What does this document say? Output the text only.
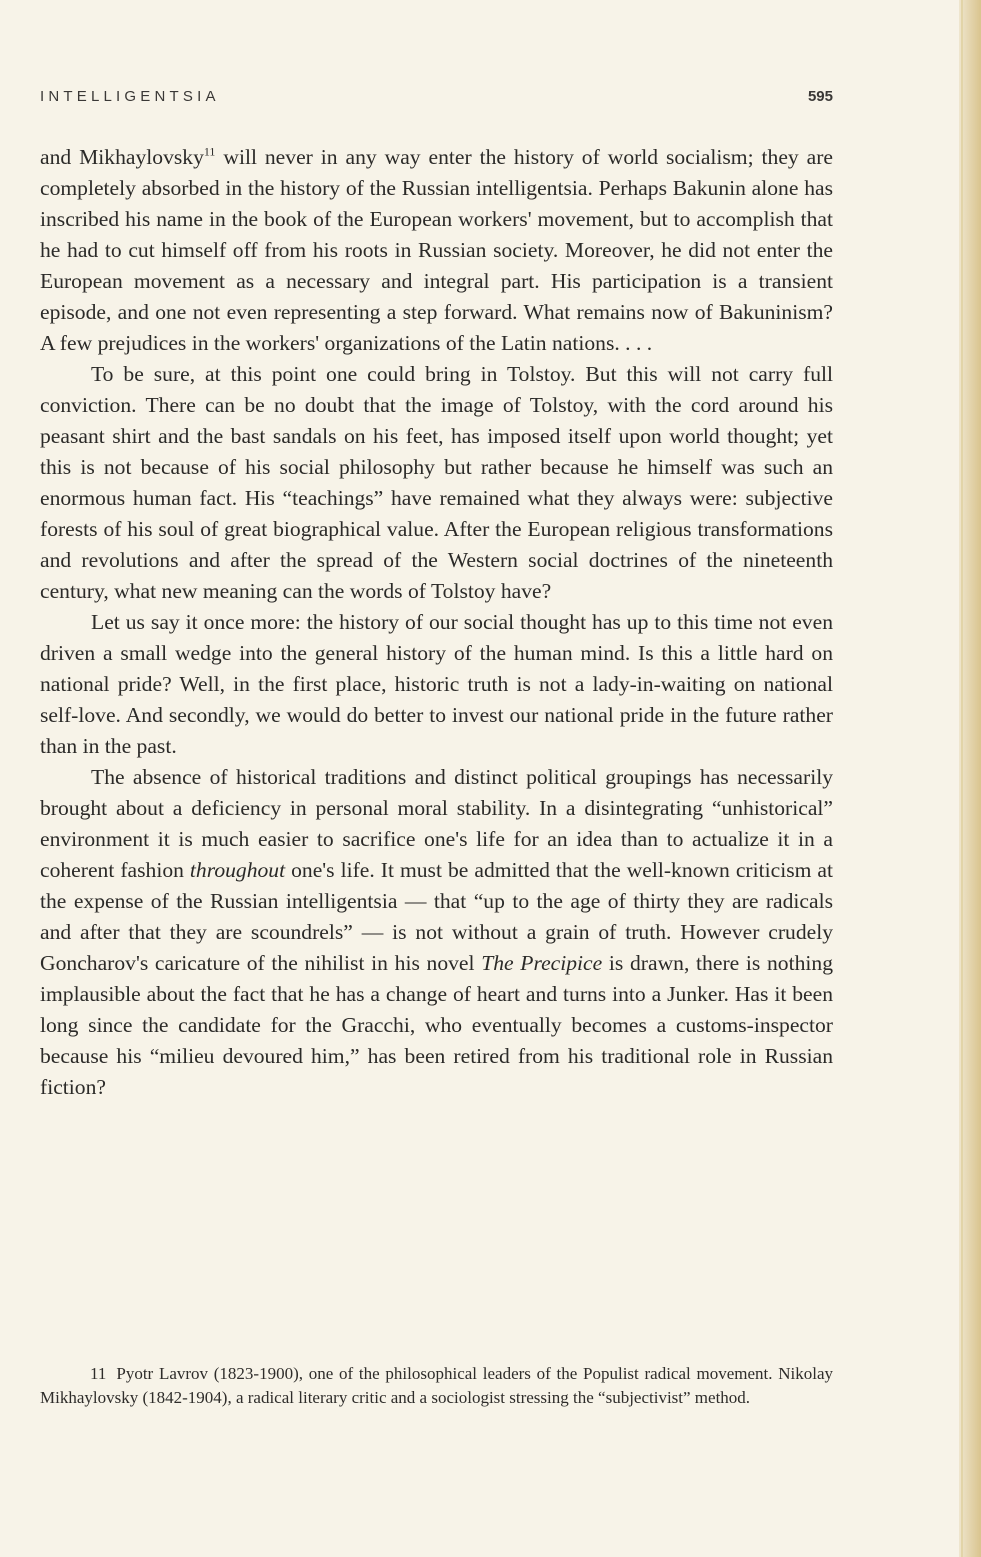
INTELLIGENTSIA	595

and Mikhaylovsky$^{11}$ will never in any way enter the history of world socialism; they are completely absorbed in the history of the Russian intelligentsia. Perhaps Bakunin alone has inscribed his name in the book of the European workers' movement, but to accomplish that he had to cut himself off from his roots in Russian society. Moreover, he did not enter the European movement as a necessary and integral part. His participation is a transient episode, and one not even representing a step forward. What remains now of Bakuninism? A few prejudices in the workers' organizations of the Latin nations. . . .

To be sure, at this point one could bring in Tolstoy. But this will not carry full conviction. There can be no doubt that the image of Tolstoy, with the cord around his peasant shirt and the bast sandals on his feet, has imposed itself upon world thought; yet this is not because of his social philosophy but rather because he himself was such an enormous human fact. His “teachings” have remained what they always were: subjective forests of his soul of great biographical value. After the European religious transformations and revolutions and after the spread of the Western social doctrines of the nineteenth century, what new meaning can the words of Tolstoy have?

Let us say it once more: the history of our social thought has up to this time not even driven a small wedge into the general history of the human mind. Is this a little hard on national pride? Well, in the first place, historic truth is not a lady-in-waiting on national self-love. And secondly, we would do better to invest our national pride in the future rather than in the past.

The absence of historical traditions and distinct political groupings has necessarily brought about a deficiency in personal moral stability. In a disintegrating “unhistorical” environment it is much easier to sacrifice one's life for an idea than to actualize it in a coherent fashion throughout one's life. It must be admitted that the well-known criticism at the expense of the Russian intelligentsia — that “up to the age of thirty they are radicals and after that they are scoundrels” — is not without a grain of truth. However crudely Goncharov's caricature of the nihilist in his novel The Precipice is drawn, there is nothing implausible about the fact that he has a change of heart and turns into a Junker. Has it been long since the candidate for the Gracchi, who eventually becomes a customs-inspector because his “milieu devoured him,” has been retired from his traditional role in Russian fiction?

11 Pyotr Lavrov (1823-1900), one of the philosophical leaders of the Populist radical movement. Nikolay Mikhaylovsky (1842-1904), a radical literary critic and a sociologist stressing the “subjectivist” method.
